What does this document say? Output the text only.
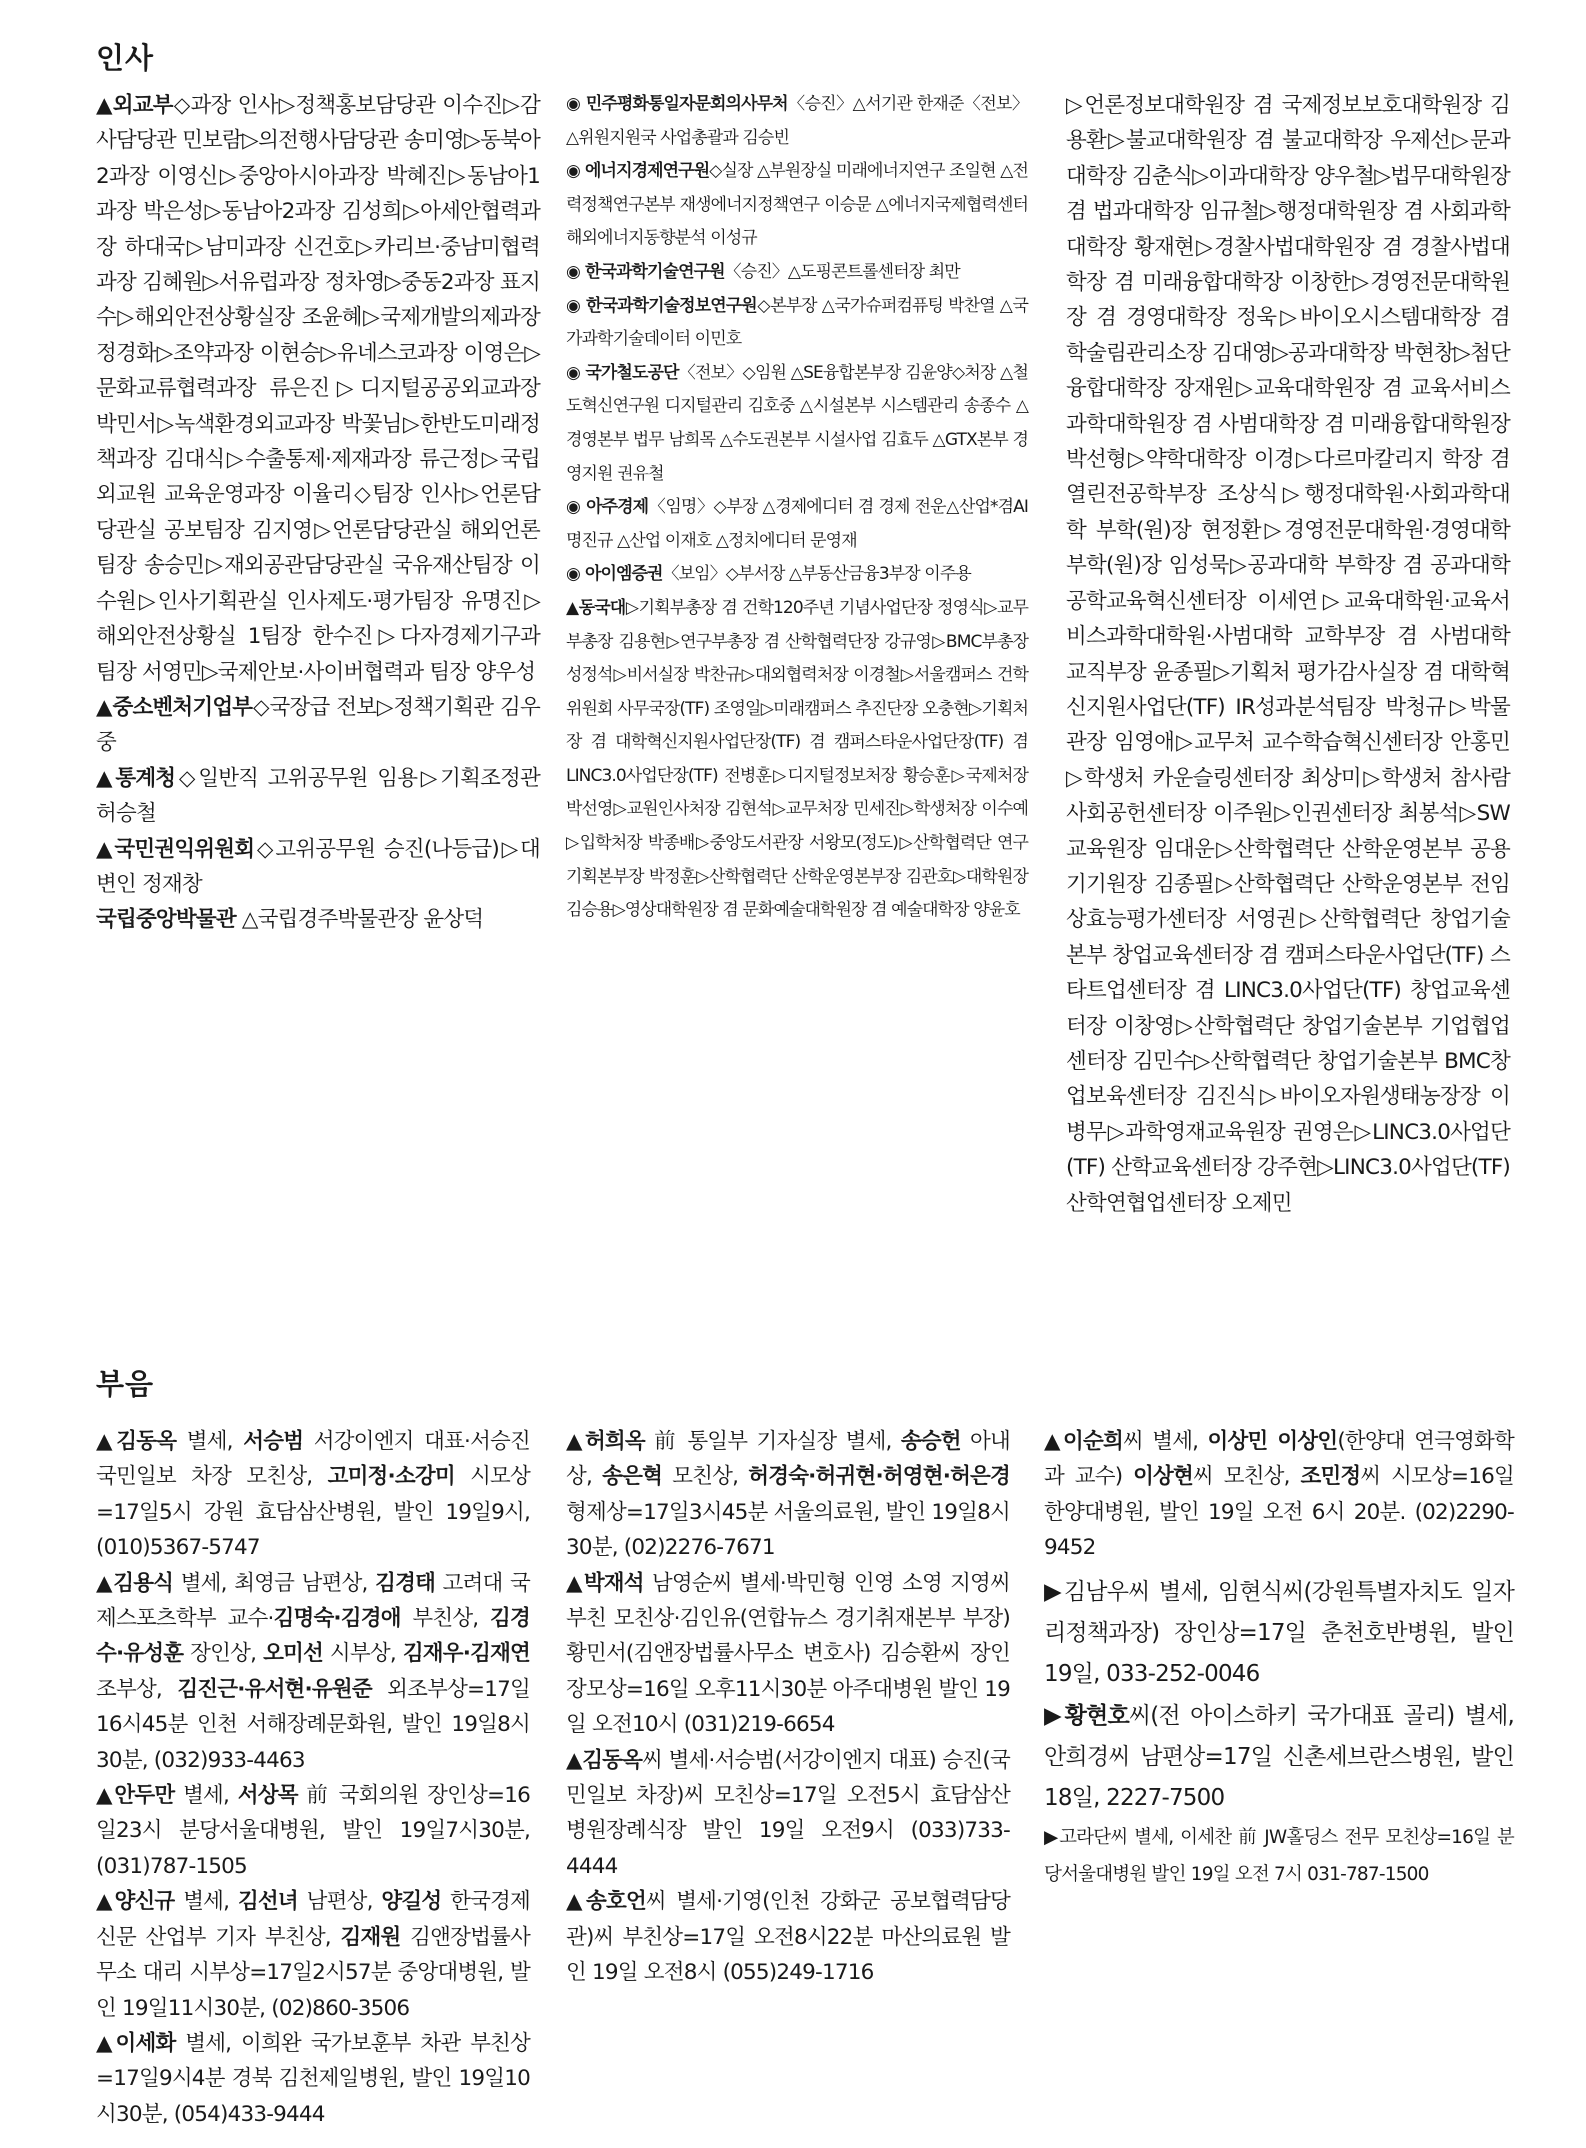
인사
부음

▲외교부◇과장 인사▷정책홍보담당관 이수진▷감사담당관 민보람▷의전행사담당관 송미영▷동북아2과장 이영신▷중앙아시아과장 박혜진▷동남아1과장 박은성▷동남아2과장 김성희▷아세안협력과장 하대국▷남미과장 신건호▷카리브·중남미협력과장 김혜원▷서유럽과장 정차영▷중동2과장 표지수▷해외안전상황실장 조윤혜▷국제개발의제과장 정경화▷조약과장 이현승▷유네스코과장 이영은▷문화교류협력과장 류은진▷디지털공공외교과장 박민서▷녹색환경외교과장 박꽃님▷한반도미래정책과장 김대식▷수출통제·제재과장 류근정▷국립외교원 교육운영과장 이율리◇팀장 인사▷언론담당관실 공보팀장 김지영▷언론담당관실 해외언론팀장 송승민▷재외공관담당관실 국유재산팀장 이수원▷인사기획관실 인사제도·평가팀장 유명진▷해외안전상황실 1팀장 한수진▷다자경제기구과 팀장 서영민▷국제안보·사이버협력과 팀장 양우성

▲중소벤처기업부◇국장급 전보▷정책기획관 김우중

▲통계청◇일반직 고위공무원 임용▷기획조정관 허승철

▲국민권익위원회◇고위공무원 승진(나등급)▷대변인 정재창

국립중앙박물관 △국립경주박물관장 윤상덕

◉ 민주평화통일자문회의사무처〈승진〉△서기관 한재준〈전보〉△위원지원국 사업총괄과 김승빈

◉ 에너지경제연구원◇실장 △부원장실 미래에너지연구 조일현 △전력정책연구본부 재생에너지정책연구 이승문 △에너지국제협력센터 해외에너지동향분석 이성규

◉ 한국과학기술연구원〈승진〉△도핑콘트롤센터장 최만

◉ 한국과학기술정보연구원◇본부장 △국가슈퍼컴퓨팅 박찬열 △국가과학기술데이터 이민호

◉ 국가철도공단〈전보〉◇임원 △SE융합본부장 김윤양◇처장 △철도혁신연구원 디지털관리 김호중 △시설본부 시스템관리 송종수 △경영본부 법무 남희목 △수도권본부 시설사업 김효두 △GTX본부 경영지원 권유철

◉ 아주경제〈임명〉◇부장 △경제에디터 겸 경제 전운△산업*겸AI 명진규 △산업 이재호 △정치에디터 문영재

◉ 아이엠증권〈보임〉◇부서장 △부동산금융3부장 이주용

▲동국대▷기획부총장 겸 건학120주년 기념사업단장 정영식▷교무부총장 김용현▷연구부총장 겸 산학협력단장 강규영▷BMC부총장 성정석▷비서실장 박찬규▷대외협력처장 이경철▷서울캠퍼스 건학위원회 사무국장(TF) 조영일▷미래캠퍼스 추진단장 오충현▷기획처장 겸 대학혁신지원사업단장(TF) 겸 캠퍼스타운사업단장(TF) 겸 LINC3.0사업단장(TF) 전병훈▷디지털정보처장 황승훈▷국제처장 박선영▷교원인사처장 김현석▷교무처장 민세진▷학생처장 이수예▷입학처장 박종배▷중앙도서관장 서왕모(정도)▷산학협력단 연구기획본부장 박정훈▷산학협력단 산학운영본부장 김관호▷대학원장 김승용▷영상대학원장 겸 문화예술대학원장 겸 예술대학장 양윤호

▷언론정보대학원장 겸 국제정보보호대학원장 김용환▷불교대학원장 겸 불교대학장 우제선▷문과대학장 김춘식▷이과대학장 양우철▷법무대학원장 겸 법과대학장 임규철▷행정대학원장 겸 사회과학대학장 황재현▷경찰사법대학원장 겸 경찰사법대학장 겸 미래융합대학장 이창한▷경영전문대학원장 겸 경영대학장 정욱▷바이오시스템대학장 겸 학술림관리소장 김대영▷공과대학장 박현창▷첨단융합대학장 장재원▷교육대학원장 겸 교육서비스과학대학원장 겸 사범대학장 겸 미래융합대학원장 박선형▷약학대학장 이경▷다르마칼리지 학장 겸 열린전공학부장 조상식▷행정대학원·사회과학대학 부학(원)장 현정환▷경영전문대학원·경영대학 부학(원)장 임성묵▷공과대학 부학장 겸 공과대학 공학교육혁신센터장 이세연▷교육대학원·교육서비스과학대학원·사범대학 교학부장 겸 사범대학 교직부장 윤종필▷기획처 평가감사실장 겸 대학혁신지원사업단(TF) IR성과분석팀장 박청규▷박물관장 임영애▷교무처 교수학습혁신센터장 안홍민▷학생처 카운슬링센터장 최상미▷학생처 참사람사회공헌센터장 이주원▷인권센터장 최봉석▷SW교육원장 임대운▷산학협력단 산학운영본부 공용기기원장 김종필▷산학협력단 산학운영본부 전임상효능평가센터장 서영권▷산학협력단 창업기술본부 창업교육센터장 겸 캠퍼스타운사업단(TF) 스타트업센터장 겸 LINC3.0사업단(TF) 창업교육센터장 이창영▷산학협력단 창업기술본부 기업협업센터장 김민수▷산학협력단 창업기술본부 BMC창업보육센터장 김진식▷바이오자원생태농장장 이병무▷과학영재교육원장 권영은▷LINC3.0사업단(TF) 산학교육센터장 강주현▷LINC3.0사업단(TF) 산학연협업센터장 오제민

▲김동옥 별세, 서승범 서강이엔지 대표·서승진 국민일보 차장 모친상, 고미정·소강미 시모상=17일5시 강원 효담삼산병원, 발인 19일9시, (010)5367-5747

▲김용식 별세, 최영금 남편상, 김경태 고려대 국제스포츠학부 교수·김명숙·김경애 부친상, 김경수·유성훈 장인상, 오미선 시부상, 김재우·김재연 조부상, 김진근·유서현·유원준 외조부상=17일16시45분 인천 서해장례문화원, 발인 19일8시30분, (032)933-4463

▲안두만 별세, 서상목 前 국회의원 장인상=16일23시 분당서울대병원, 발인 19일7시30분, (031)787-1505

▲양신규 별세, 김선녀 남편상, 양길성 한국경제신문 산업부 기자 부친상, 김재원 김앤장법률사무소 대리 시부상=17일2시57분 중앙대병원, 발인 19일11시30분, (02)860-3506

▲이세화 별세, 이희완 국가보훈부 차관 부친상=17일9시4분 경북 김천제일병원, 발인 19일10시30분, (054)433-9444

▲허희옥 前 통일부 기자실장 별세, 송승헌 아내상, 송은혁 모친상, 허경숙·허귀현·허영현·허은경 형제상=17일3시45분 서울의료원, 발인 19일8시30분, (02)2276-7671

▲박재석 남영순씨 별세·박민형 인영 소영 지영씨 부친 모친상·김인유(연합뉴스 경기취재본부 부장) 황민서(김앤장법률사무소 변호사) 김승환씨 장인 장모상=16일 오후11시30분 아주대병원 발인 19일 오전10시 (031)219-6654

▲김동옥씨 별세·서승범(서강이엔지 대표) 승진(국민일보 차장)씨 모친상=17일 오전5시 효담삼산병원장례식장 발인 19일 오전9시 (033)733-4444

▲송호언씨 별세·기영(인천 강화군 공보협력담당관)씨 부친상=17일 오전8시22분 마산의료원 발인 19일 오전8시 (055)249-1716

▲이순희씨 별세, 이상민 이상인(한양대 연극영화학과 교수) 이상현씨 모친상, 조민정씨 시모상=16일 한양대병원, 발인 19일 오전 6시 20분. (02)2290-9452

▶김남우씨 별세, 임현식씨(강원특별자치도 일자리정책과장) 장인상=17일 춘천호반병원, 발인 19일, 033-252-0046

▶황현호씨(전 아이스하키 국가대표 골리) 별세, 안희경씨 남편상=17일 신촌세브란스병원, 발인 18일, 2227-7500

▶고라단씨 별세, 이세찬 前 JW홀딩스 전무 모친상=16일 분당서울대병원 발인 19일 오전 7시 031-787-1500
